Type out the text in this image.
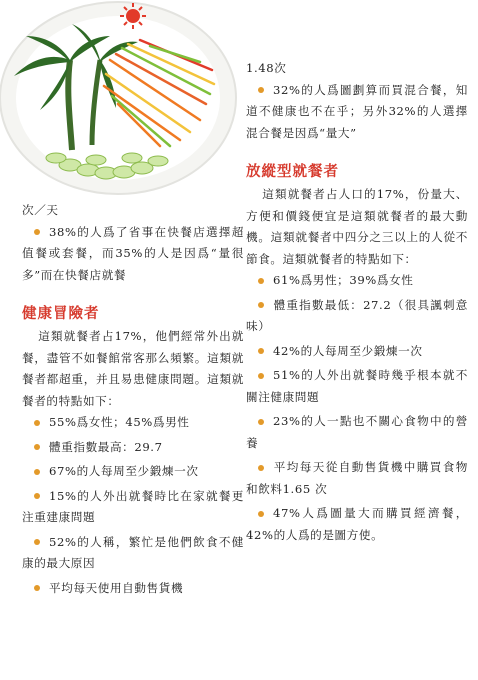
次／天
38%的人爲了省事在快餐店選擇超值餐或套餐，而35%的人是因爲“量很多”而在快餐店就餐
健康冒險者
這類就餐者占17%，他們經常外出就餐，盡管不如餐館常客那么頻繁。這類就餐者都超重，并且易患健康問題。這類就餐者的特點如下：
55%爲女性；45%爲男性
體重指數最高：29.7
67%的人每周至少鍛煉一次
15%的人外出就餐時比在家就餐更注重建康問題
52%的人稱，繁忙是他們飲食不健康的最大原因
平均每天使用自動售貨機
1.48次
32%的人爲圖劃算而買混合餐，知道不健康也不在乎；另外32%的人選擇混合餐是因爲“量大”
放縱型就餐者
這類就餐者占人口的17%，份量大、方便和價錢便宜是這類就餐者的最大動機。這類就餐者中四分之三以上的人從不節食。這類就餐者的特點如下：
61%爲男性；39%爲女性
體重指數最低：27.2（很具諷刺意味）
42%的人每周至少鍛煉一次
51%的人外出就餐時幾乎根本就不關注健康問題
23%的人一點也不關心食物中的營養
平均每天從自動售貨機中購買食物和飲料1.65 次
47%人爲圖量大而購買經濟餐，42%的人爲的是圖方使。
